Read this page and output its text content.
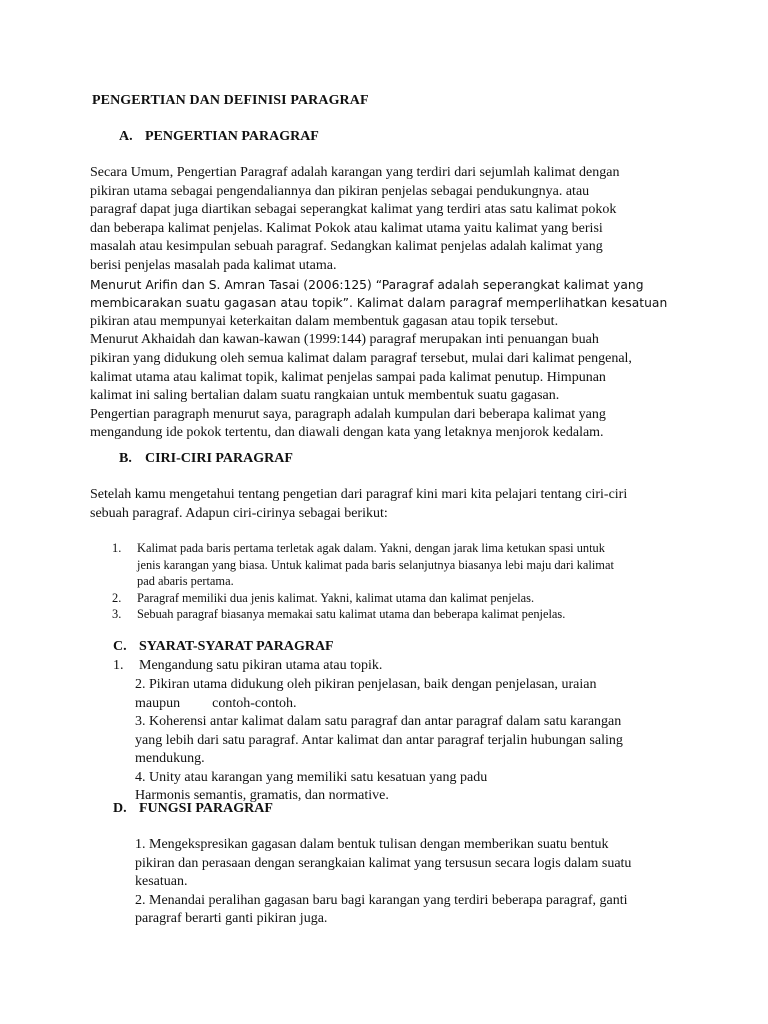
PENGERTIAN DAN DEFINISI PARAGRAF
A. PENGERTIAN PARAGRAF
Secara Umum, Pengertian Paragraf adalah karangan yang terdiri dari sejumlah kalimat dengan
pikiran utama sebagai pengendaliannya dan pikiran penjelas sebagai pendukungnya. atau
paragraf dapat juga diartikan sebagai seperangkat kalimat yang terdiri atas satu kalimat pokok
dan beberapa kalimat penjelas. Kalimat Pokok atau kalimat utama yaitu kalimat yang berisi
masalah atau kesimpulan sebuah paragraf. Sedangkan kalimat penjelas adalah kalimat yang
berisi penjelas masalah pada kalimat utama.
Menurut Arifin dan S. Amran Tasai (2006:125) “Paragraf adalah seperangkat kalimat yang
membicarakan suatu gagasan atau topik”. Kalimat dalam paragraf memperlihatkan kesatuan
pikiran atau mempunyai keterkaitan dalam membentuk gagasan atau topik tersebut.
Menurut Akhaidah dan kawan-kawan (1999:144) paragraf merupakan inti penuangan buah
pikiran yang didukung oleh semua kalimat dalam paragraf tersebut, mulai dari kalimat pengenal,
kalimat utama atau kalimat topik, kalimat penjelas sampai pada kalimat penutup. Himpunan
kalimat ini saling bertalian dalam suatu rangkaian untuk membentuk suatu gagasan.
Pengertian paragraph menurut saya, paragraph adalah kumpulan dari beberapa kalimat yang
mengandung ide pokok tertentu, dan diawali dengan kata yang letaknya menjorok kedalam.
B. CIRI-CIRI PARAGRAF
Setelah kamu mengetahui tentang pengetian dari paragraf kini mari kita pelajari tentang ciri-ciri
sebuah paragraf. Adapun ciri-cirinya sebagai berikut:
1. Kalimat pada baris pertama terletak agak dalam. Yakni, dengan jarak lima ketukan spasi untuk
jenis karangan yang biasa. Untuk kalimat pada baris selanjutnya biasanya lebi maju dari kalimat
pad abaris pertama.
2. Paragraf memiliki dua jenis kalimat. Yakni, kalimat utama dan kalimat penjelas.
3. Sebuah paragraf biasanya memakai satu kalimat utama dan beberapa kalimat penjelas.
C. SYARAT-SYARAT PARAGRAF
1. Mengandung satu pikiran utama atau topik.
2. Pikiran utama didukung oleh pikiran penjelasan, baik dengan penjelasan, uraian
maupun contoh-contoh.
3. Koherensi antar kalimat dalam satu paragraf dan antar paragraf dalam satu karangan
yang lebih dari satu paragraf. Antar kalimat dan antar paragraf terjalin hubungan saling
mendukung.
4. Unity atau karangan yang memiliki satu kesatuan yang padu
Harmonis semantis, gramatis, dan normative.
D. FUNGSI PARAGRAF
1. Mengekspresikan gagasan dalam bentuk tulisan dengan memberikan suatu bentuk
pikiran dan perasaan dengan serangkaian kalimat yang tersusun secara logis dalam suatu
kesatuan.
2. Menandai peralihan gagasan baru bagi karangan yang terdiri beberapa paragraf, ganti
paragraf berarti ganti pikiran juga.
